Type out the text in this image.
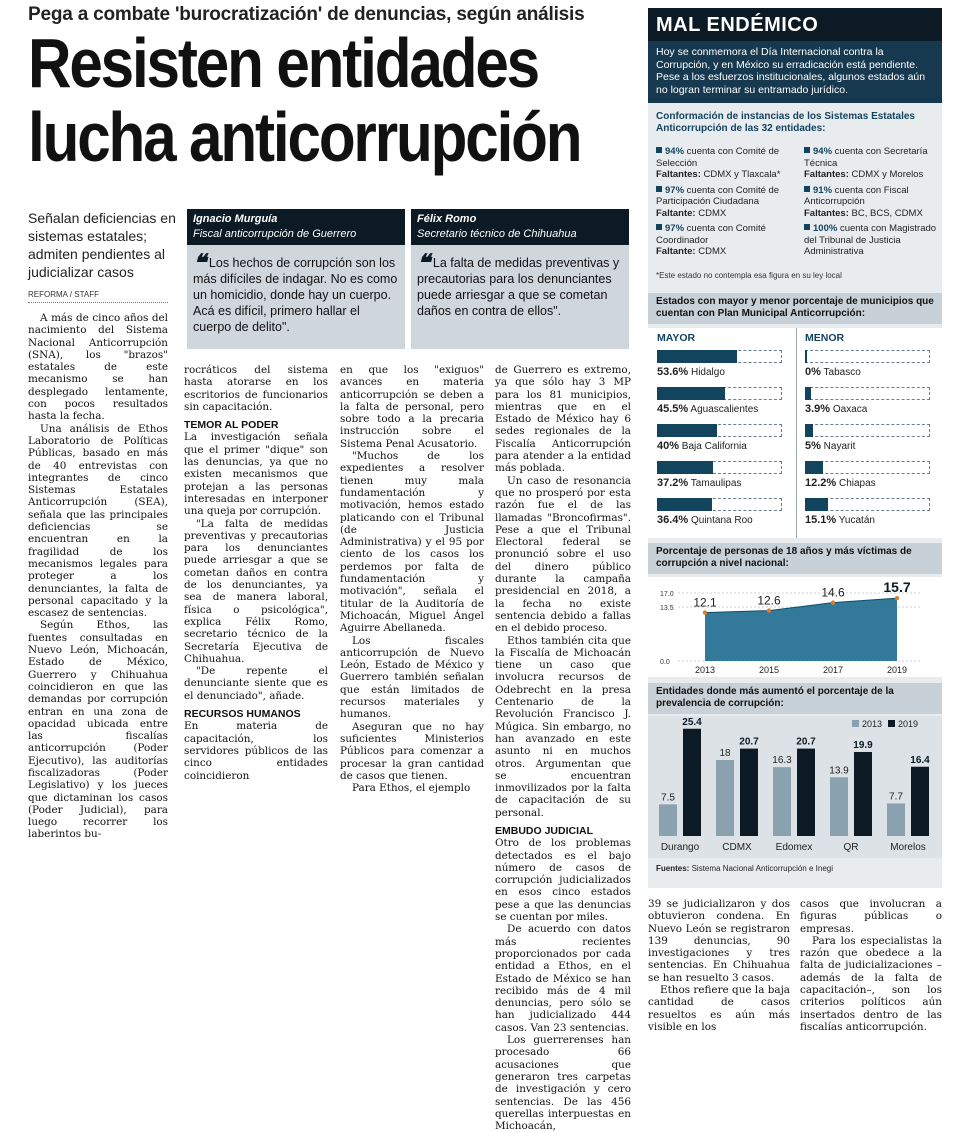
Pega a combate 'burocratización' de denuncias, según análisis
Resisten entidades
lucha anticorrupción
Señalan deficiencias en sistemas estatales; admiten pendientes al judicializar casos
REFORMA / STAFF
Ignacio Murguía
Fiscal anticorrupción de Guerrero
❝ Los hechos de corrupción son los más difíciles de indagar. No es como un homicidio, donde hay un cuerpo. Acá es difícil, primero hallar el cuerpo de delito".
Félix Romo
Secretario técnico de Chihuahua
❝ La falta de medidas preventivas y precautorias para los denunciantes puede arriesgar a que se cometan daños en contra de ellos".

A más de cinco años del nacimiento del Sistema Nacional Anticorrupción (SNA), los "brazos" estatales de este mecanismo se han desplegado lentamente, con pocos resultados hasta la fecha.

Una análisis de Ethos Laboratorio de Políticas Públicas, basado en más de 40 entrevistas con integrantes de cinco Sistemas Estatales Anticorrupción (SEA), señala que las principales deficiencias se encuentran en la fragilidad de los mecanismos legales para proteger a los denunciantes, la falta de personal capacitado y la escasez de sentencias.

Según Ethos, las fuentes consultadas en Nuevo León, Michoacán, Estado de México, Guerrero y Chihuahua coincidieron en que las demandas por corrupción entran en una zona de opacidad ubicada entre las fiscalías anticorrupción (Poder Ejecutivo), las auditorías fiscalizadoras (Poder Legislativo) y los jueces que dictaminan los casos (Poder Judicial), para luego recorrer los laberintos bu-

rocráticos del sistema hasta atorarse en los escritorios de funcionarios sin capacitación.

TEMOR AL PODER

La investigación señala que el primer "dique" son las denuncias, ya que no existen mecanismos que protejan a las personas interesadas en interponer una queja por corrupción.

"La falta de medidas preventivas y precautorias para los denunciantes puede arriesgar a que se cometan daños en contra de los denunciantes, ya sea de manera laboral, física o psicológica", explica Félix Romo, secretario técnico de la Secretaría Ejecutiva de Chihuahua.

"De repente el denunciante siente que es el denunciado", añade.

RECURSOS HUMANOS

En materia de capacitación, los servidores públicos de las cinco entidades coincidieron

en que los "exiguos" avances en materia anticorrupción se deben a la falta de personal, pero sobre todo a la precaria instrucción sobre el Sistema Penal Acusatorio.

"Muchos de los expedientes a resolver tienen muy mala fundamentación y motivación, hemos estado platicando con el Tribunal (de Justicia Administrativa) y el 95 por ciento de los casos los perdemos por falta de fundamentación y motivación", señala el titular de la Auditoría de Michoacán, Miguel Ángel Aguirre Abellaneda.

Los fiscales anticorrupción de Nuevo León, Estado de México y Guerrero también señalan que están limitados de recursos materiales y humanos.

Aseguran que no hay suficientes Ministerios Públicos para comenzar a procesar la gran cantidad de casos que tienen.

Para Ethos, el ejemplo

de Guerrero es extremo, ya que sólo hay 3 MP para los 81 municipios, mientras que en el Estado de México hay 6 sedes regionales de la Fiscalía Anticorrupción para atender a la entidad más poblada.

Un caso de resonancia que no prosperó por esta razón fue el de las llamadas "Broncofirmas". Pese a que el Tribunal Electoral federal se pronunció sobre el uso del dinero público durante la campaña presidencial en 2018, a la fecha no existe sentencia debido a fallas en el debido proceso.

Ethos también cita que la Fiscalía de Michoacán tiene un caso que involucra recursos de Odebrecht en la presa Centenario de la Revolución Francisco J. Múgica. Sin embargo, no han avanzado en este asunto ni en muchos otros. Argumentan que se encuentran inmovilizados por la falta de capacitación de su personal.

EMBUDO JUDICIAL

Otro de los problemas detectados es el bajo número de casos de corrupción judicializados en esos cinco estados pese a que las denuncias se cuentan por miles.

De acuerdo con datos más recientes proporcionados por cada entidad a Ethos, en el Estado de México se han recibido más de 4 mil denuncias, pero sólo se han judicializado 444 casos. Van 23 sentencias.

Los guerrerenses han procesado 66 acusaciones que generaron tres carpetas de investigación y cero sentencias. De las 456 querellas interpuestas en Michoacán,

39 se judicializaron y dos obtuvieron condena. En Nuevo León se registraron 139 denuncias, 90 investigaciones y tres sentencias. En Chihuahua se han resuelto 3 casos.

Ethos refiere que la baja cantidad de casos resueltos es aún más visible en los

casos que involucran a figuras públicas o empresas.

Para los especialistas la razón que obedece a la falta de judicializaciones –además de la falta de capacitación–, son los criterios políticos aún insertados dentro de las fiscalías anticorrupción.

MAL ENDÉMICO
Hoy se conmemora el Día Internacional contra la Corrupción, y en México su erradicación está pendiente. Pese a los esfuerzos institucionales, algunos estados aún no logran terminar su entramado jurídico.
Conformación de instancias de los Sistemas Estatales Anticorrupción de las 32 entidades:
94% cuenta con Comité de Selección
Faltantes: CDMX y Tlaxcala*
97% cuenta con Comité de Participación Ciudadana
Faltante: CDMX
97% cuenta con Comité Coordinador
Faltante: CDMX
94% cuenta con Secretaría Técnica
Faltantes: CDMX y Morelos
91% cuenta con Fiscal Anticorrupción
Faltantes: BC, BCS, CDMX
100% cuenta con Magistrado del Tribunal de Justicia Administrativa
*Este estado no contempla esa figura en su ley local
Estados con mayor y menor porcentaje de municipios que cuentan con Plan Municipal Anticorrupción:
MAYOR	MENOR
53.6% Hidalgo
45.5% Aguascalientes
40% Baja California
37.2% Tamaulipas
36.4% Quintana Roo
0% Tabasco
3.9% Oaxaca
5% Nayarit
12.2% Chiapas
15.1% Yucatán
Porcentaje de personas de 18 años y más víctimas de corrupción a nivel nacional:
0.0
13.5
17.0
12.1
2013
12.6
2015
14.6
2017
15.7
2019
Entidades donde más aumentó el porcentaje de la prevalencia de corrupción:
2013 2019
7.5
25.4
Durango
18
20.7
CDMX
16.3
20.7
Edomex
13.9
19.9
QR
7.7
16.4
Morelos
Fuentes: Sistema Nacional Anticorrupción e Inegi
